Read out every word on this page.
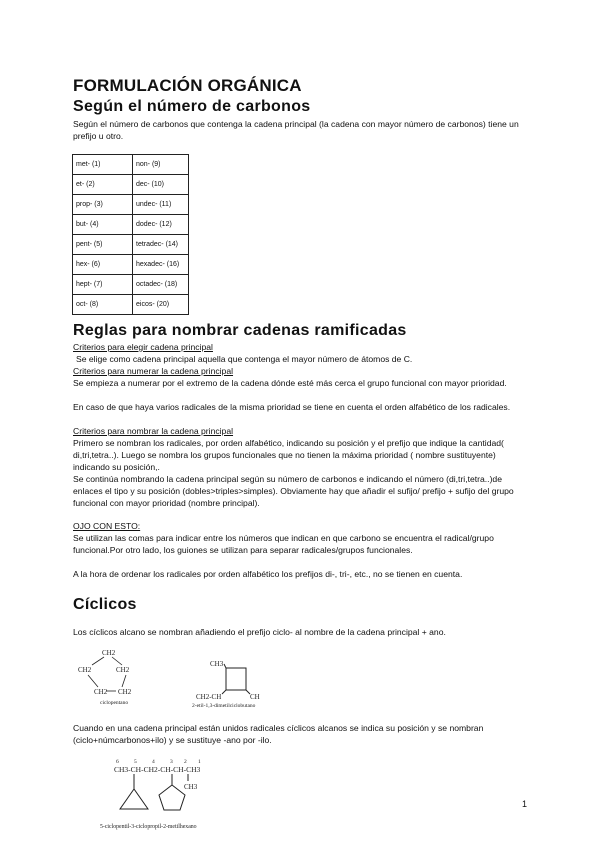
FORMULACIÓN ORGÁNICA
Según el número de carbonos

Según el número de carbonos que contenga la cadena principal (la cadena con mayor número de carbonos) tiene un prefijo u otro.

met- (1)	non- (9)
et- (2)	dec- (10)
prop- (3)	undec- (11)
but- (4)	dodec- (12)
pent- (5)	tetradec- (14)
hex- (6)	hexadec- (16)
hept- (7)	octadec- (18)
oct- (8)	eicos- (20)
Reglas para nombrar cadenas ramificadas

Criterios para elegir cadena principal

Se elige como cadena principal aquella que contenga el mayor número de átomos de C.

Criterios para numerar la cadena principal

Se empieza a numerar por el extremo de la cadena dónde esté más cerca el grupo funcional con mayor prioridad.

En caso de que haya varios radicales de la misma prioridad se tiene en cuenta el orden alfabético de los radicales.

Criterios para nombrar la cadena principal

Primero se nombran los radicales, por orden alfabético, indicando su posición y el prefijo que indique la cantidad( di,tri,tetra..). Luego se nombra los grupos funcionales que no tienen la máxima prioridad ( nombre sustituyente) indicando su posición,.

Se continúa nombrando la cadena principal según su número de carbonos e indicando el número (di,tri,tetra..)de enlaces el tipo y su posición (dobles>triples>simples). Obviamente hay que añadir el sufijo/ prefijo + sufijo del grupo funcional con mayor prioridad (nombre principal).

OJO CON ESTO:

Se utilizan las comas para indicar entre los números que indican en que carbono se encuentra el radical/grupo funcional.Por otro lado, los guiones se utilizan para separar radicales/grupos funcionales.

A la hora de ordenar los radicales por orden alfabético los prefijos di-, tri-, etc., no se tienen en cuenta.

Cíclicos

Los cíclicos alcano se nombran añadiendo el prefijo ciclo- al nombre de la cadena principal + ano.

CH2
CH2	CH2
CH2 CH2
ciclopentano
CH3
CH2-CH	CH
2-etil-1,3-dimetilciclobutano

Cuando en una cadena principal están unidos radicales cíclicos alcanos se indica su posición y se nombran (ciclo+númcarbonos+ilo) y se sustituye -ano por -ilo.

6	5	4	3 2 1
CH3-CH-CH2-CH-CH-CH3
CH3
5-ciclopentil-3-ciclopropil-2-metilhexano
1
